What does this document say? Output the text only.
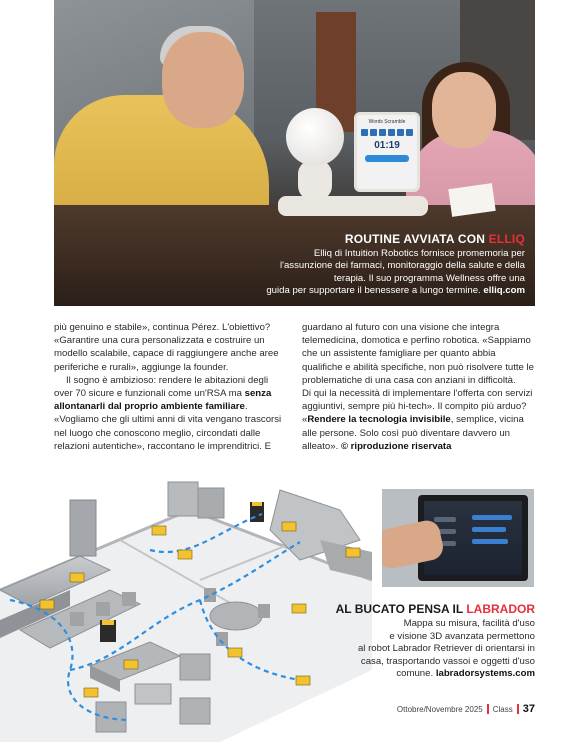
Words Scramble
01:19
ROUTINE AVVIATA CON ELLIQ
Elliq di Intuition Robotics fornisce promemoria per
l'assunzione dei farmaci, monitoraggio della salute e della
terapia. Il suo programma Wellness offre una
guida per supportare il benessere a lungo termine. elliq.com

più genuino e stabile», continua Pérez. L'obiettivo? «Garantire una cura personalizzata e costruire un modello scalabile, capace di raggiungere anche aree periferiche e rurali», aggiunge la founder.

Il sogno è ambizioso: rendere le abitazioni degli over 70 sicure e funzionali come un'RSA ma senza allontanarli dal proprio ambiente familiare. «Vogliamo che gli ultimi anni di vita vengano trascorsi nel luogo che conoscono meglio, circondati dalle relazioni autentiche», raccontano le imprenditrici. E

guardano al futuro con una visione che integra telemedicina, domotica e perfino robotica. «Sappiamo che un assistente famigliare per quanto abbia qualifiche e abilità specifiche, non può risolvere tutte le problematiche di una casa con anziani in difficoltà.

Di qui la necessità di implementare l'offerta con servizi aggiuntivi, sempre più hi-tech». Il compito più arduo? «Rendere la tecnologia invisibile, semplice, vicina alle persone. Solo così può diventare davvero un alleato». © riproduzione riservata

AL BUCATO PENSA IL LABRADOR
Mappa su misura, facilità d'uso
e visione 3D avanzata permettono
al robot Labrador Retriever di orientarsi in
casa, trasportando vassoi e oggetti d'uso
comune. labradorsystems.com
Ottobre/Novembre 2025 Class 37
